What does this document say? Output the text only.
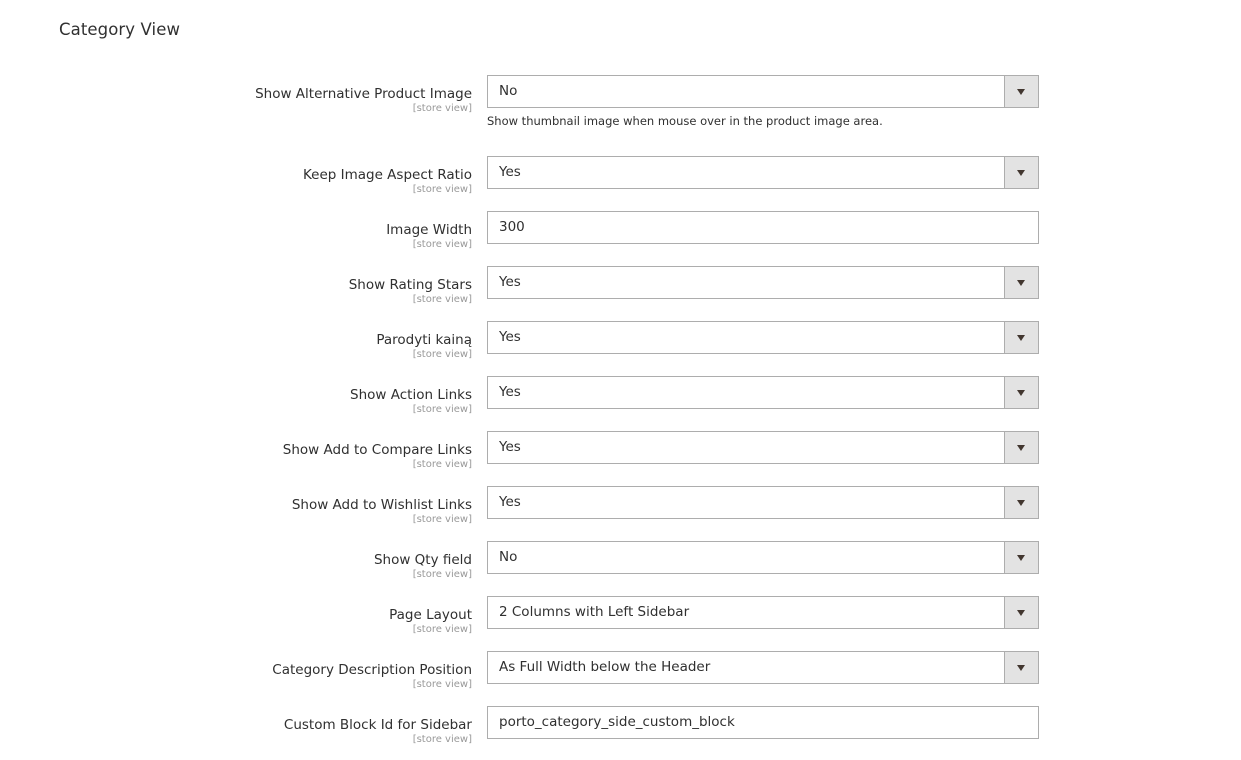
Category View
Show Alternative Product Image
[store view]
No
Show thumbnail image when mouse over in the product image area.
Keep Image Aspect Ratio
[store view]
Yes
Image Width
[store view]
300
Show Rating Stars
[store view]
Yes
Parodyti kainą
[store view]
Yes
Show Action Links
[store view]
Yes
Show Add to Compare Links
[store view]
Yes
Show Add to Wishlist Links
[store view]
Yes
Show Qty field
[store view]
No
Page Layout
[store view]
2 Columns with Left Sidebar
Category Description Position
[store view]
As Full Width below the Header
Custom Block Id for Sidebar
[store view]
porto_category_side_custom_block
